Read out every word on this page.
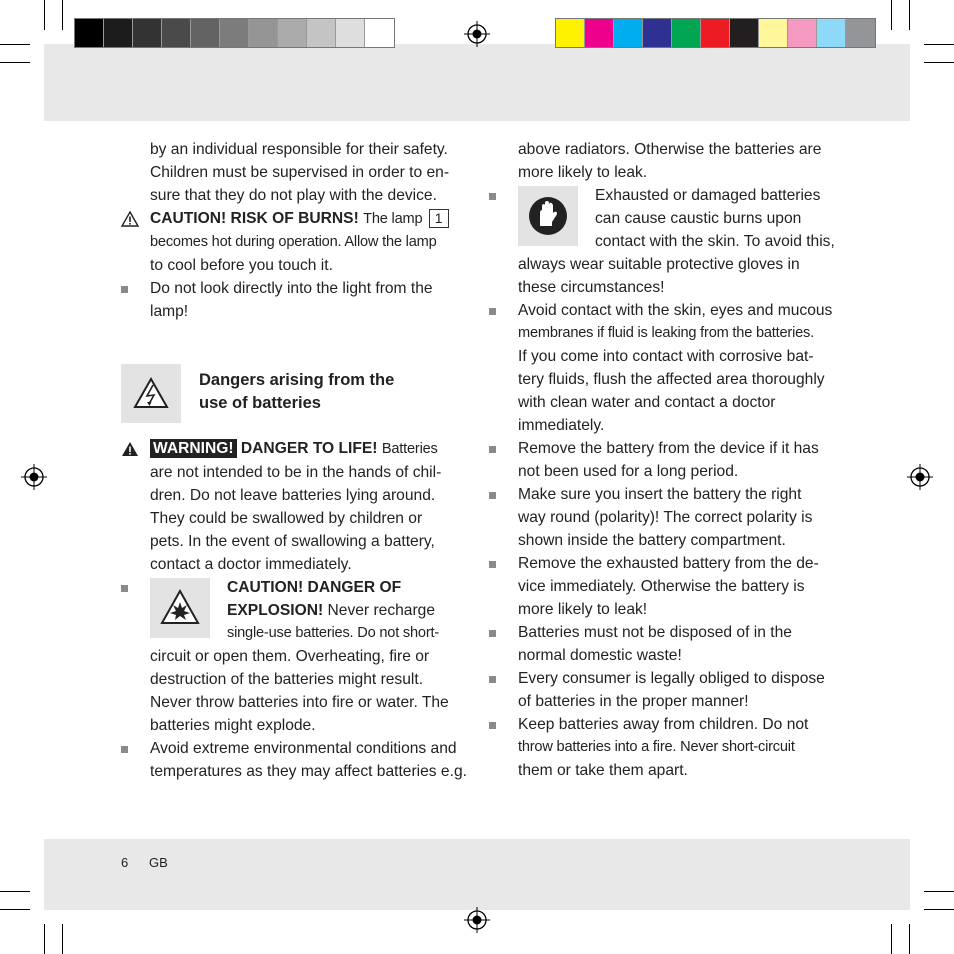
by an individual responsible for their safety.
Children must be supervised in order to en-
sure that they do not play with the device.
CAUTION! RISK OF BURNS! The lamp 1
becomes hot during operation. Allow the lamp
to cool before you touch it.
Do not look directly into the light from the
lamp!
Dangers arising from the
use of batteries
WARNING! DANGER TO LIFE! Batteries
are not intended to be in the hands of chil-
dren. Do not leave batteries lying around.
They could be swallowed by children or
pets. In the event of swallowing a battery,
contact a doctor immediately.
CAUTION! DANGER OF
EXPLOSION! Never recharge
single-use batteries. Do not short-
circuit or open them. Overheating, fire or
destruction of the batteries might result.
Never throw batteries into fire or water. The
batteries might explode.
Avoid extreme environmental conditions and
temperatures as they may affect batteries e.g.
above radiators. Otherwise the batteries are
more likely to leak.
Exhausted or damaged batteries
can cause caustic burns upon
contact with the skin. To avoid this,
always wear suitable protective gloves in
these circumstances!
Avoid contact with the skin, eyes and mucous
membranes if fluid is leaking from the batteries.
If you come into contact with corrosive bat-
tery fluids, flush the affected area thoroughly
with clean water and contact a doctor
immediately.
Remove the battery from the device if it has
not been used for a long period.
Make sure you insert the battery the right
way round (polarity)! The correct polarity is
shown inside the battery compartment.
Remove the exhausted battery from the de-
vice immediately. Otherwise the battery is
more likely to leak!
Batteries must not be disposed of in the
normal domestic waste!
Every consumer is legally obliged to dispose
of batteries in the proper manner!
Keep batteries away from children. Do not
throw batteries into a fire. Never short-circuit
them or take them apart.
6 GB
